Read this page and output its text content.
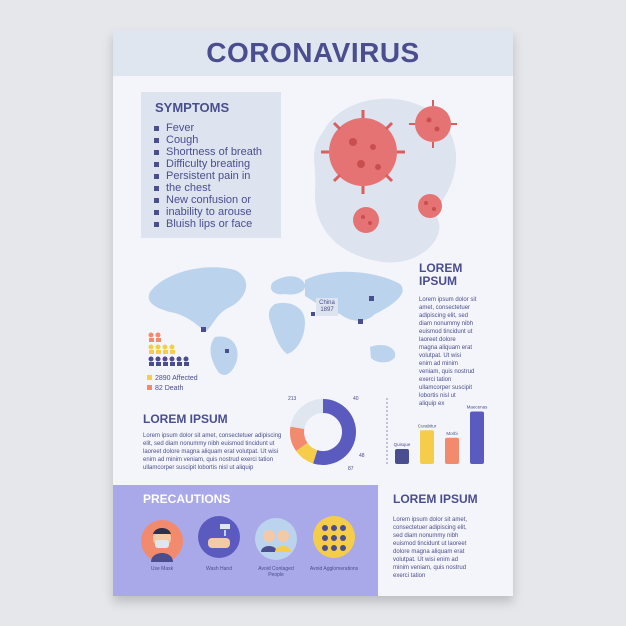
CORONAVIRUS
SYMPTOMS
Fever
Cough
Shortness of breath
Difficulty breating
Persistent pain in
the chest
New confusion or
inability to arouse
Bluish lips or face
China
1897
2890 Affected
82 Death
LOREM IPSUM
Lorem ipsum dolor sit
amet, consectetuer
adipiscing elit, sed
diam nonummy nibh
euismod tincidunt ut
laoreet dolore
magna aliquam erat
volutpat. Ut wisi
enim ad minim
veniam, quis nostrud
exerci tation
ullamcorper suscipit
lobortis nisl ut
aliquip ex
LOREM IPSUM
Lorem ipsum dolor sit amet, consectetuer adipiscing
elit, sed diam nonummy nibh euismod tincidunt ut
laoreet dolore magna aliquam erat volutpat. Ut wisi
enim ad minim veniam, quis nostrud exerci tation
ullamcorper suscipit lobortis nisl ut aliquip
213	40
48
87
Quisque
Curabitur
Morbi
Maecenas
PRECAUTIONS
Use Mask	Wash Hand	Avoid Contaged People
Avoid Agglomerations
LOREM IPSUM
Lorem ipsum dolor sit amet,
consectetuer adipiscing elit,
sed diam nonummy nibh
euismod tincidunt ut laoreet
dolore magna aliquam erat
volutpat. Ut wisi enim ad
minim veniam, quis nostrud
exerci tation
